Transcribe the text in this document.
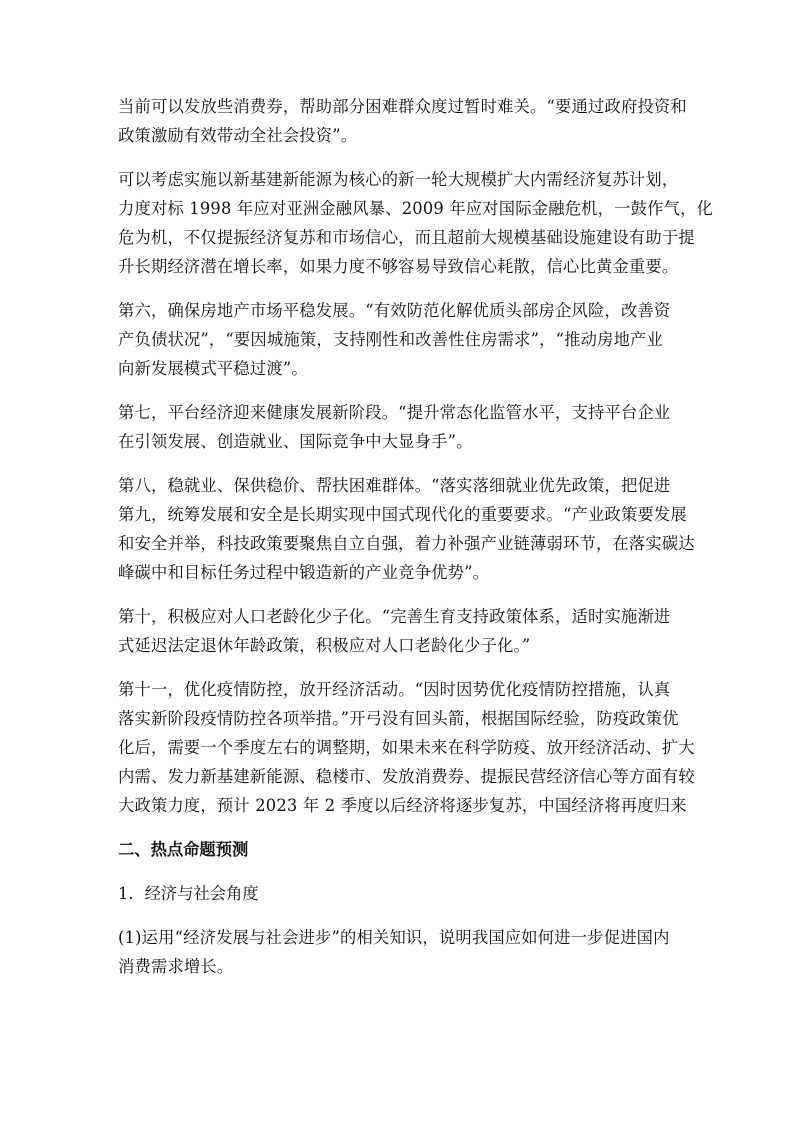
当前可以发放些消费券，帮助部分困难群众度过暂时难关。“要通过政府投资和
政策激励有效带动全社会投资”。

可以考虑实施以新基建新能源为核心的新一轮大规模扩大内需经济复苏计划，
力度对标 1998 年应对亚洲金融风暴、2009 年应对国际金融危机，一鼓作气，化
危为机，不仅提振经济复苏和市场信心，而且超前大规模基础设施建设有助于提
升长期经济潜在增长率，如果力度不够容易导致信心耗散，信心比黄金重要。

第六，确保房地产市场平稳发展。“有效防范化解优质头部房企风险，改善资
产负债状况”，“要因城施策，支持刚性和改善性住房需求”，“推动房地产业
向新发展模式平稳过渡”。

第七，平台经济迎来健康发展新阶段。“提升常态化监管水平，支持平台企业
在引领发展、创造就业、国际竞争中大显身手”。

第八，稳就业、保供稳价、帮扶困难群体。“落实落细就业优先政策，把促进
第九，统筹发展和安全是长期实现中国式现代化的重要要求。“产业政策要发展
和安全并举，科技政策要聚焦自立自强，着力补强产业链薄弱环节，在落实碳达
峰碳中和目标任务过程中锻造新的产业竞争优势”。

第十，积极应对人口老龄化少子化。“完善生育支持政策体系，适时实施渐进
式延迟法定退休年龄政策，积极应对人口老龄化少子化。”

第十一，优化疫情防控，放开经济活动。“因时因势优化疫情防控措施，认真
落实新阶段疫情防控各项举措。”开弓没有回头箭，根据国际经验，防疫政策优
化后，需要一个季度左右的调整期，如果未来在科学防疫、放开经济活动、扩大
内需、发力新基建新能源、稳楼市、发放消费券、提振民营经济信心等方面有较
大政策力度，预计 2023 年 2 季度以后经济将逐步复苏，中国经济将再度归来

二、热点命题预测

1．经济与社会角度

(1)运用“经济发展与社会进步”的相关知识，说明我国应如何进一步促进国内
消费需求增长。
